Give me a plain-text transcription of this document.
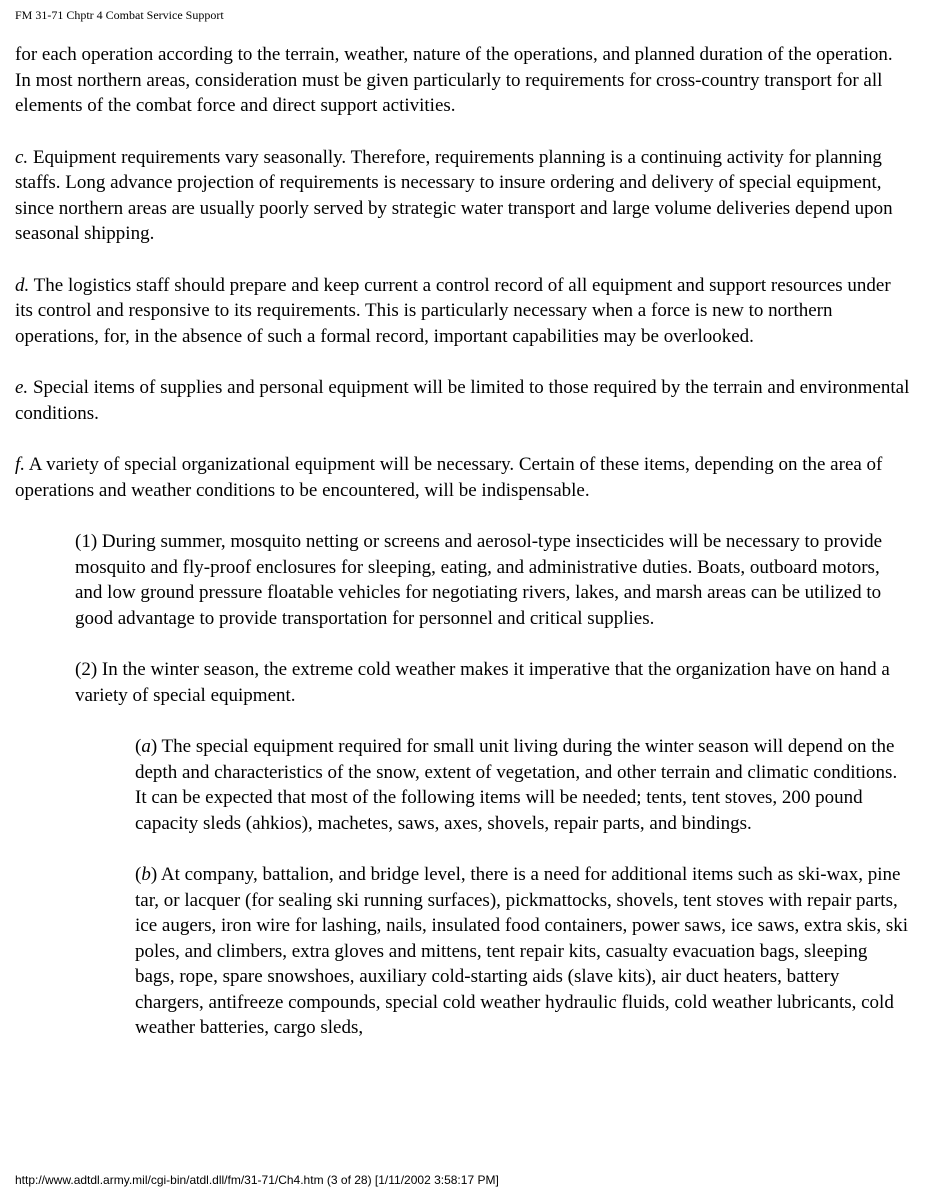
FM 31-71 Chptr 4 Combat Service Support

for each operation according to the terrain, weather, nature of the operations, and planned duration of the operation. In most northern areas, consideration must be given particularly to requirements for cross-country transport for all elements of the combat force and direct support activities.

c. Equipment requirements vary seasonally. Therefore, requirements planning is a continuing activity for planning staffs. Long advance projection of requirements is necessary to insure ordering and delivery of special equipment, since northern areas are usually poorly served by strategic water transport and large volume deliveries depend upon seasonal shipping.

d. The logistics staff should prepare and keep current a control record of all equipment and support resources under its control and responsive to its requirements. This is particularly necessary when a force is new to northern operations, for, in the absence of such a formal record, important capabilities may be overlooked.

e. Special items of supplies and personal equipment will be limited to those required by the terrain and environmental conditions.

f. A variety of special organizational equipment will be necessary. Certain of these items, depending on the area of operations and weather conditions to be encountered, will be indispensable.

(1) During summer, mosquito netting or screens and aerosol-type insecticides will be necessary to provide mosquito and fly-proof enclosures for sleeping, eating, and administrative duties. Boats, outboard motors, and low ground pressure floatable vehicles for negotiating rivers, lakes, and marsh areas can be utilized to good advantage to provide transportation for personnel and critical supplies.

(2) In the winter season, the extreme cold weather makes it imperative that the organization have on hand a variety of special equipment.

(a) The special equipment required for small unit living during the winter season will depend on the depth and characteristics of the snow, extent of vegetation, and other terrain and climatic conditions. It can be expected that most of the following items will be needed; tents, tent stoves, 200 pound capacity sleds (ahkios), machetes, saws, axes, shovels, repair parts, and bindings.

(b) At company, battalion, and bridge level, there is a need for additional items such as ski-wax, pine tar, or lacquer (for sealing ski running surfaces), pickmattocks, shovels, tent stoves with repair parts, ice augers, iron wire for lashing, nails, insulated food containers, power saws, ice saws, extra skis, ski poles, and climbers, extra gloves and mittens, tent repair kits, casualty evacuation bags, sleeping bags, rope, spare snowshoes, auxiliary cold-starting aids (slave kits), air duct heaters, battery chargers, antifreeze compounds, special cold weather hydraulic fluids, cold weather lubricants, cold weather batteries, cargo sleds,

http://www.adtdl.army.mil/cgi-bin/atdl.dll/fm/31-71/Ch4.htm (3 of 28) [1/11/2002 3:58:17 PM]
